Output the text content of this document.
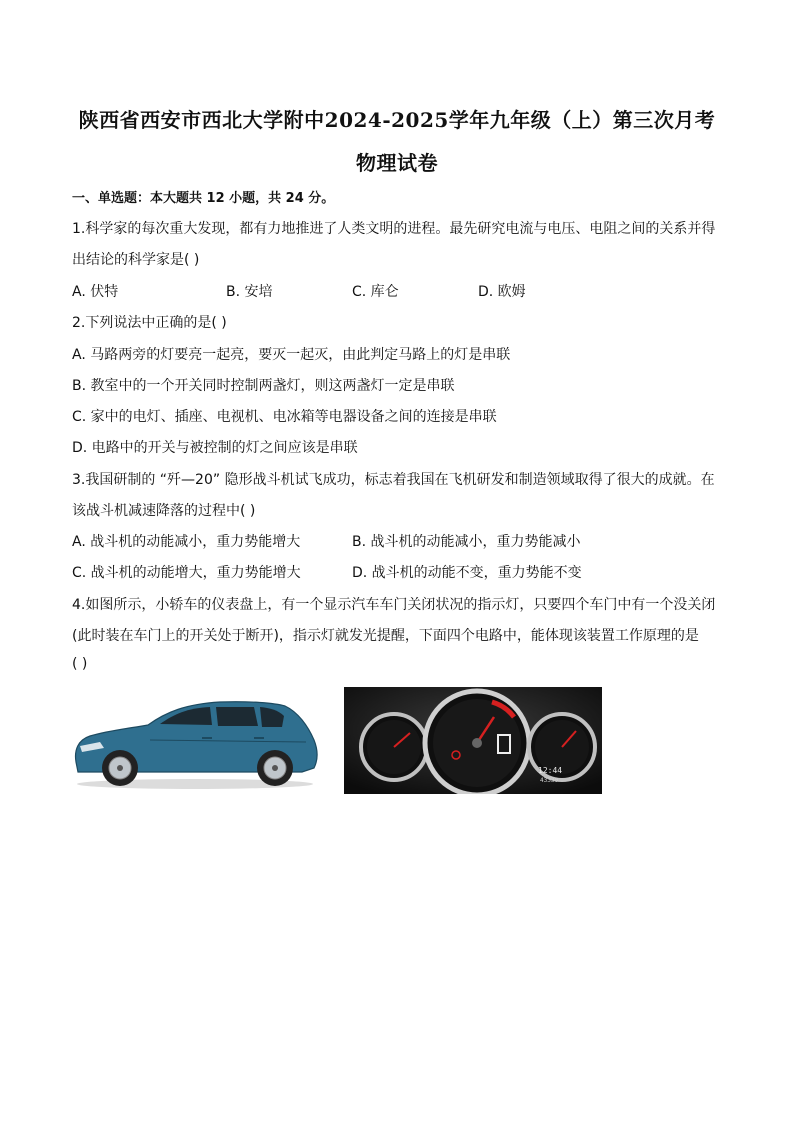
陕西省西安市西北大学附中2024-2025学年九年级（上）第三次月考
物理试卷
一、单选题：本大题共 12 小题，共 24 分。
1.科学家的每次重大发现，都有力地推进了人类文明的进程。最先研究电流与电压、电阻之间的关系并得
出结论的科学家是( )
A. 伏特	B. 安培	C. 库仑	D. 欧姆
2.下列说法中正确的是( )
A. 马路两旁的灯要亮一起亮，要灭一起灭，由此判定马路上的灯是串联
B. 教室中的一个开关同时控制两盏灯，则这两盏灯一定是串联
C. 家中的电灯、插座、电视机、电冰箱等电器设备之间的连接是串联
D. 电路中的开关与被控制的灯之间应该是串联
3.我国研制的 “歼—20” 隐形战斗机试飞成功，标志着我国在飞机研发和制造领域取得了很大的成就。在
该战斗机减速降落的过程中( )
A. 战斗机的动能减小，重力势能增大	B. 战斗机的动能减小，重力势能减小
C. 战斗机的动能增大，重力势能增大	D. 战斗机的动能不变，重力势能不变
4.如图所示，小轿车的仪表盘上，有一个显示汽车车门关闭状况的指示灯，只要四个车门中有一个没关闭
(此时装在车门上的开关处于断开)，指示灯就发光提醒，下面四个电路中，能体现该装置工作原理的是
( )
12:44
43330
